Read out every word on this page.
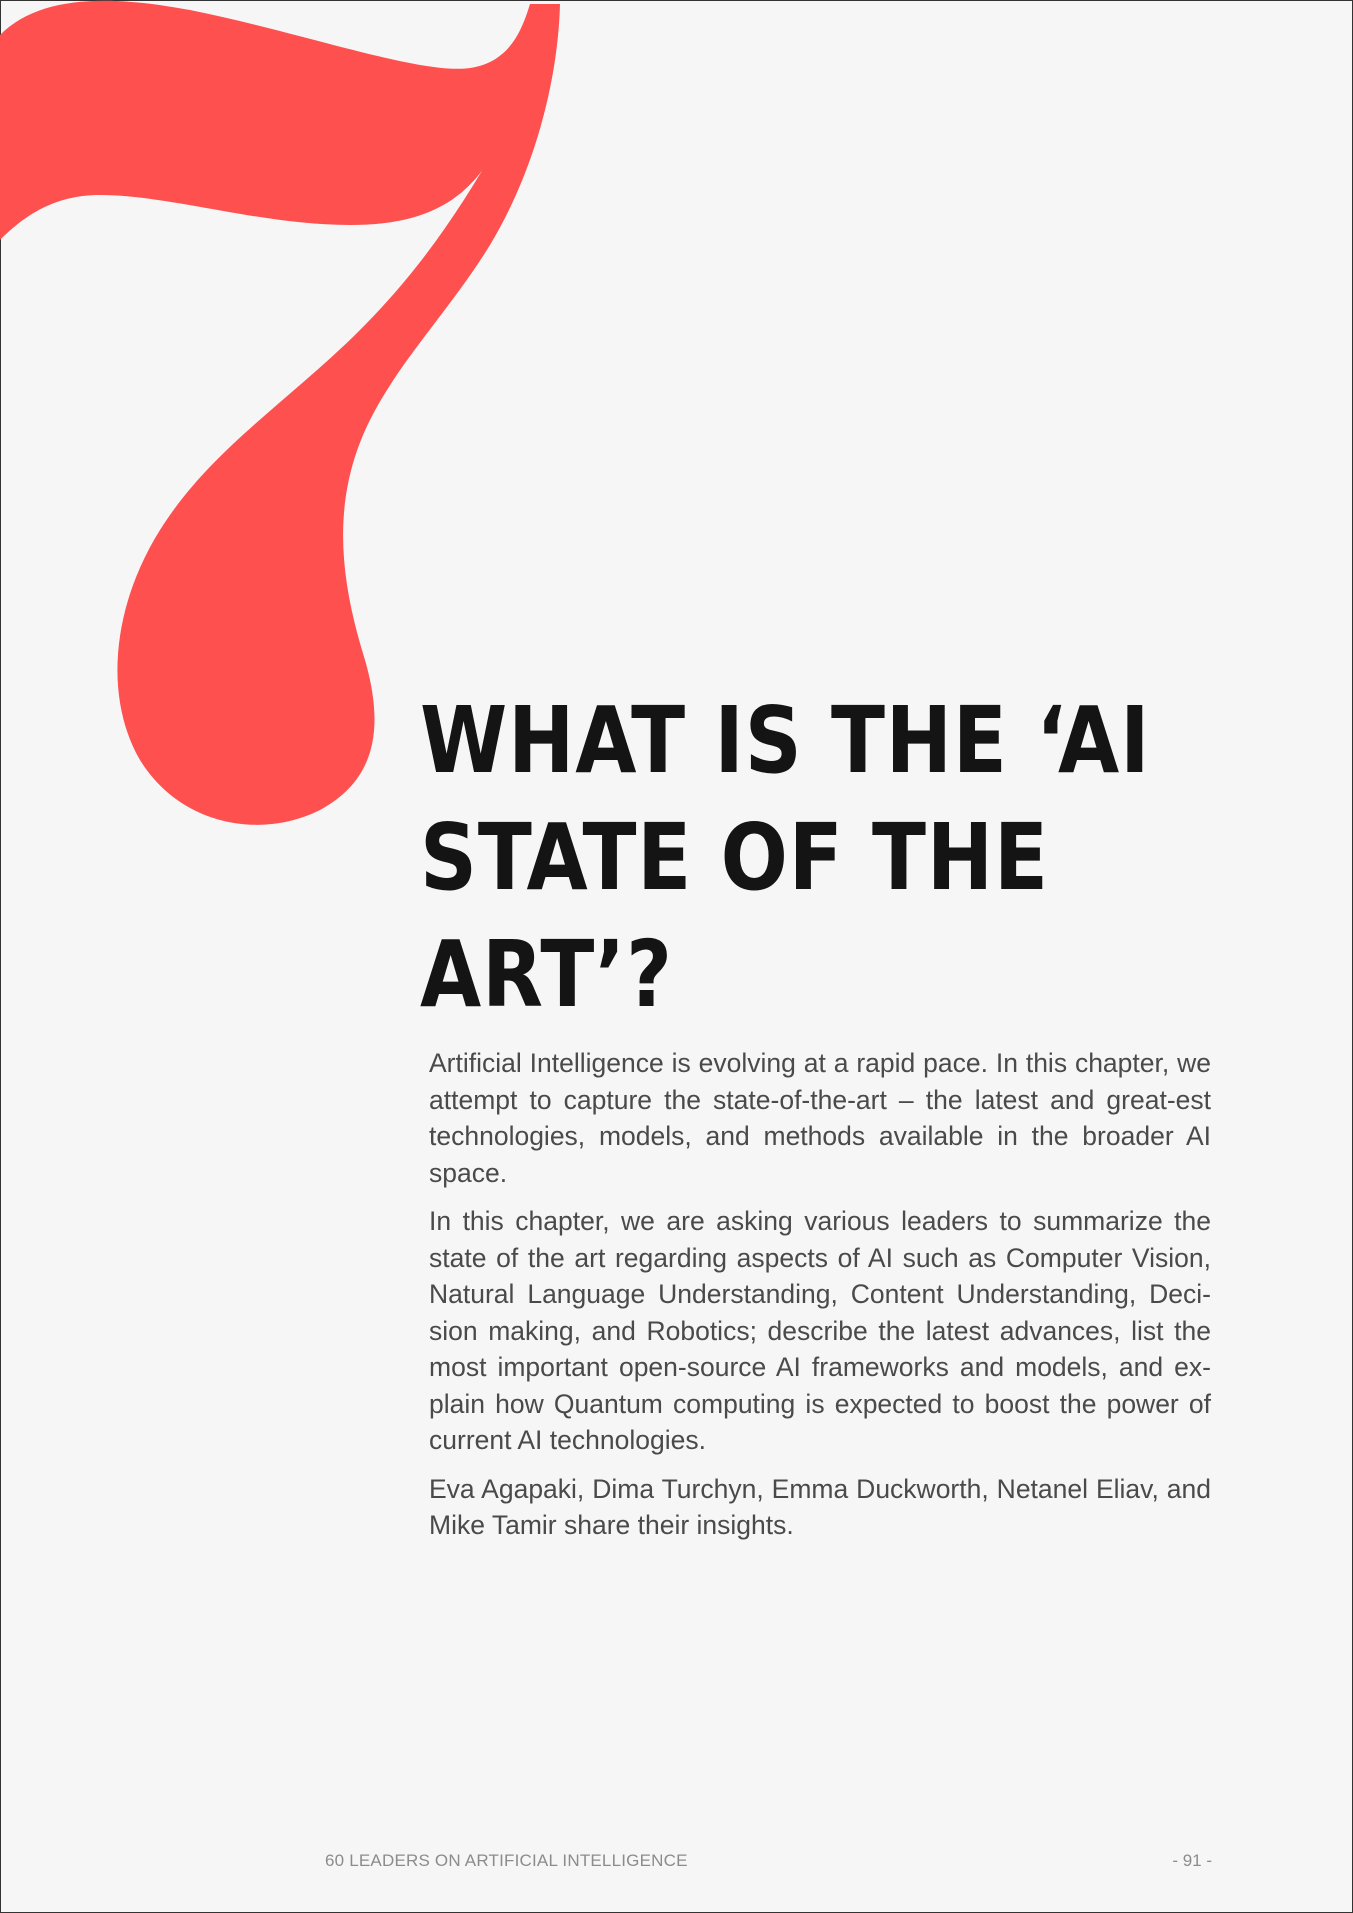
WHAT IS THE ‘AI
STATE OF THE
ART’?

Artificial Intelligence is evolving at a rapid pace. In this chapter, we attempt to capture the state-of-the-art – the latest and great-est technologies, models, and methods available in the broader AI space.

In this chapter, we are asking various leaders to summarize the state of the art regarding aspects of AI such as Computer Vision, Natural Language Understanding, Content Understanding, Deci-sion making, and Robotics; describe the latest advances, list the most important open-source AI frameworks and models, and ex-plain how Quantum computing is expected to boost the power of current AI technologies.

Eva Agapaki, Dima Turchyn, Emma Duckworth, Netanel Eliav, and Mike Tamir share their insights.

60 LEADERS ON ARTIFICIAL INTELLIGENCE	- 91 -
